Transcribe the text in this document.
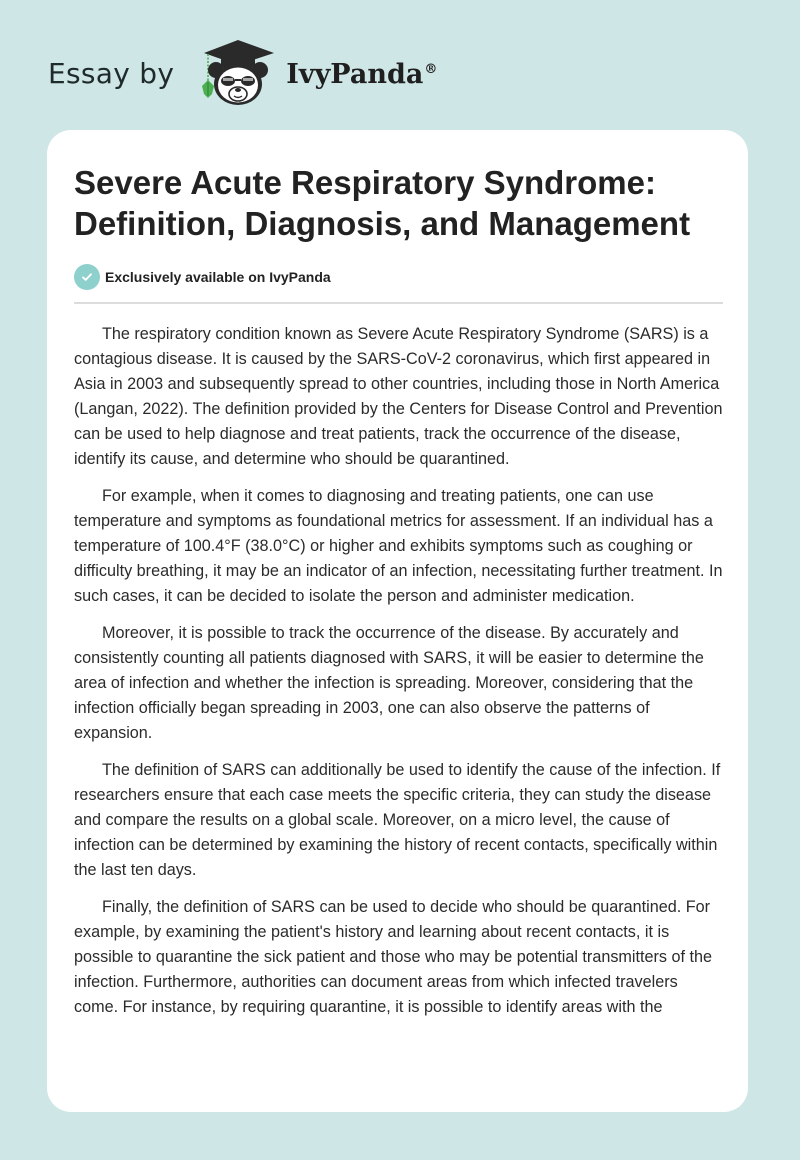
Essay by	IvyPanda®
Severe Acute Respiratory Syndrome: Definition, Diagnosis, and Management
Exclusively available on IvyPanda

The respiratory condition known as Severe Acute Respiratory Syndrome (SARS) is a contagious disease. It is caused by the SARS-CoV-2 coronavirus, which first appeared in Asia in 2003 and subsequently spread to other countries, including those in North America (Langan, 2022). The definition provided by the Centers for Disease Control and Prevention can be used to help diagnose and treat patients, track the occurrence of the disease, identify its cause, and determine who should be quarantined.

For example, when it comes to diagnosing and treating patients, one can use temperature and symptoms as foundational metrics for assessment. If an individual has a temperature of 100.4°F (38.0°C) or higher and exhibits symptoms such as coughing or difficulty breathing, it may be an indicator of an infection, necessitating further treatment. In such cases, it can be decided to isolate the person and administer medication.

Moreover, it is possible to track the occurrence of the disease. By accurately and consistently counting all patients diagnosed with SARS, it will be easier to determine the area of infection and whether the infection is spreading. Moreover, considering that the infection officially began spreading in 2003, one can also observe the patterns of expansion.

The definition of SARS can additionally be used to identify the cause of the infection. If researchers ensure that each case meets the specific criteria, they can study the disease and compare the results on a global scale. Moreover, on a micro level, the cause of infection can be determined by examining the history of recent contacts, specifically within the last ten days.

Finally, the definition of SARS can be used to decide who should be quarantined. For example, by examining the patient's history and learning about recent contacts, it is possible to quarantine the sick patient and those who may be potential transmitters of the infection. Furthermore, authorities can document areas from which infected travelers come. For instance, by requiring quarantine, it is possible to identify areas with the
